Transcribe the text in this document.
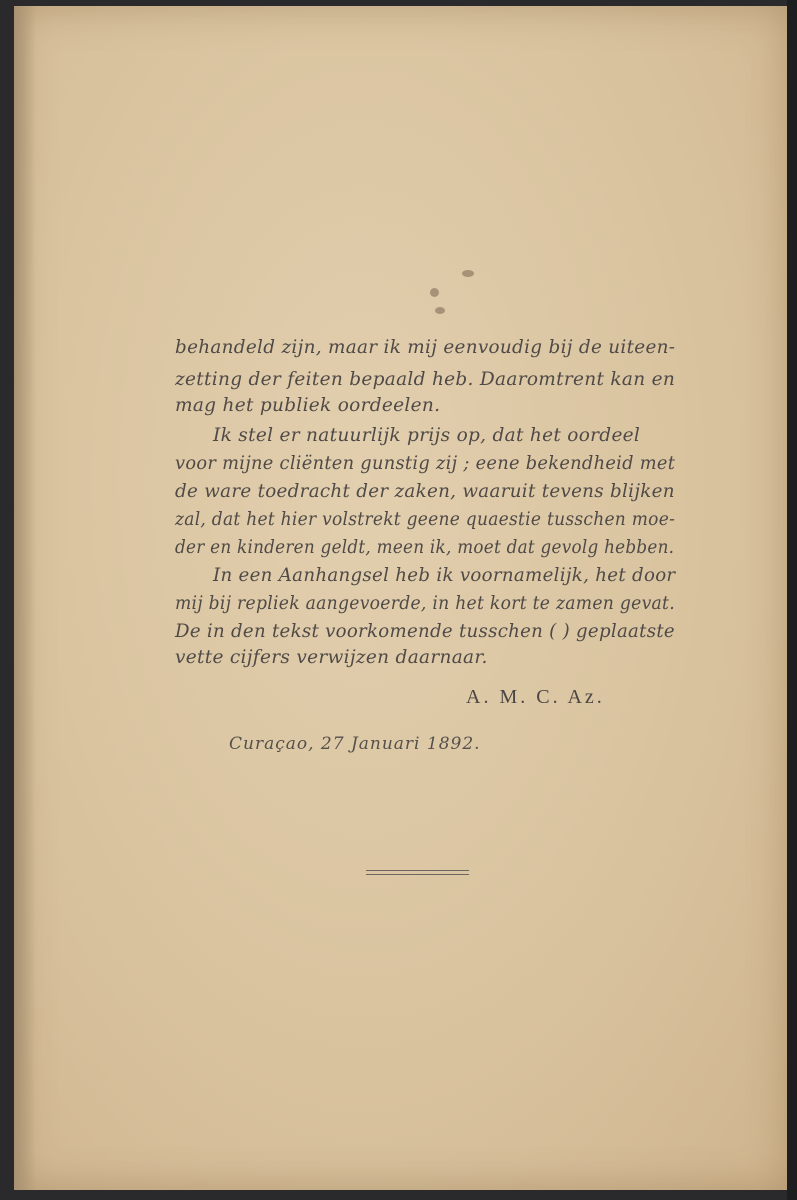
behandeld zijn, maar ik mij eenvoudig bij de uiteen-
zetting der feiten bepaald heb. Daaromtrent kan en
mag het publiek oordeelen.
Ik stel er natuurlijk prijs op, dat het oordeel
voor mijne cliënten gunstig zij ; eene bekendheid met
de ware toedracht der zaken, waaruit tevens blijken
zal, dat het hier volstrekt geene quaestie tusschen moe-
der en kinderen geldt, meen ik, moet dat gevolg hebben.
In een Aanhangsel heb ik voornamelijk, het door
mij bij repliek aangevoerde, in het kort te zamen gevat.
De in den tekst voorkomende tusschen ( ) geplaatste
vette cijfers verwijzen daarnaar.
A. M. C. Az.
Curaçao, 27 Januari 1892.
